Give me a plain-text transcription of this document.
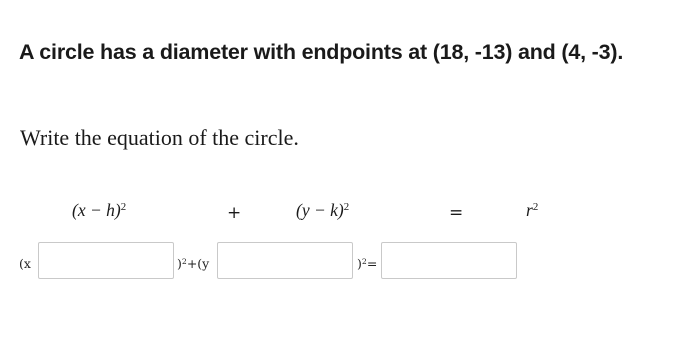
A circle has a diameter with endpoints at (18, -13) and (4, -3).
Write the equation of the circle.
$(x - h)^2$	+	$(y - k)^2$	=	$r^2$
(x	)$^2$+(y	)$^2$=
